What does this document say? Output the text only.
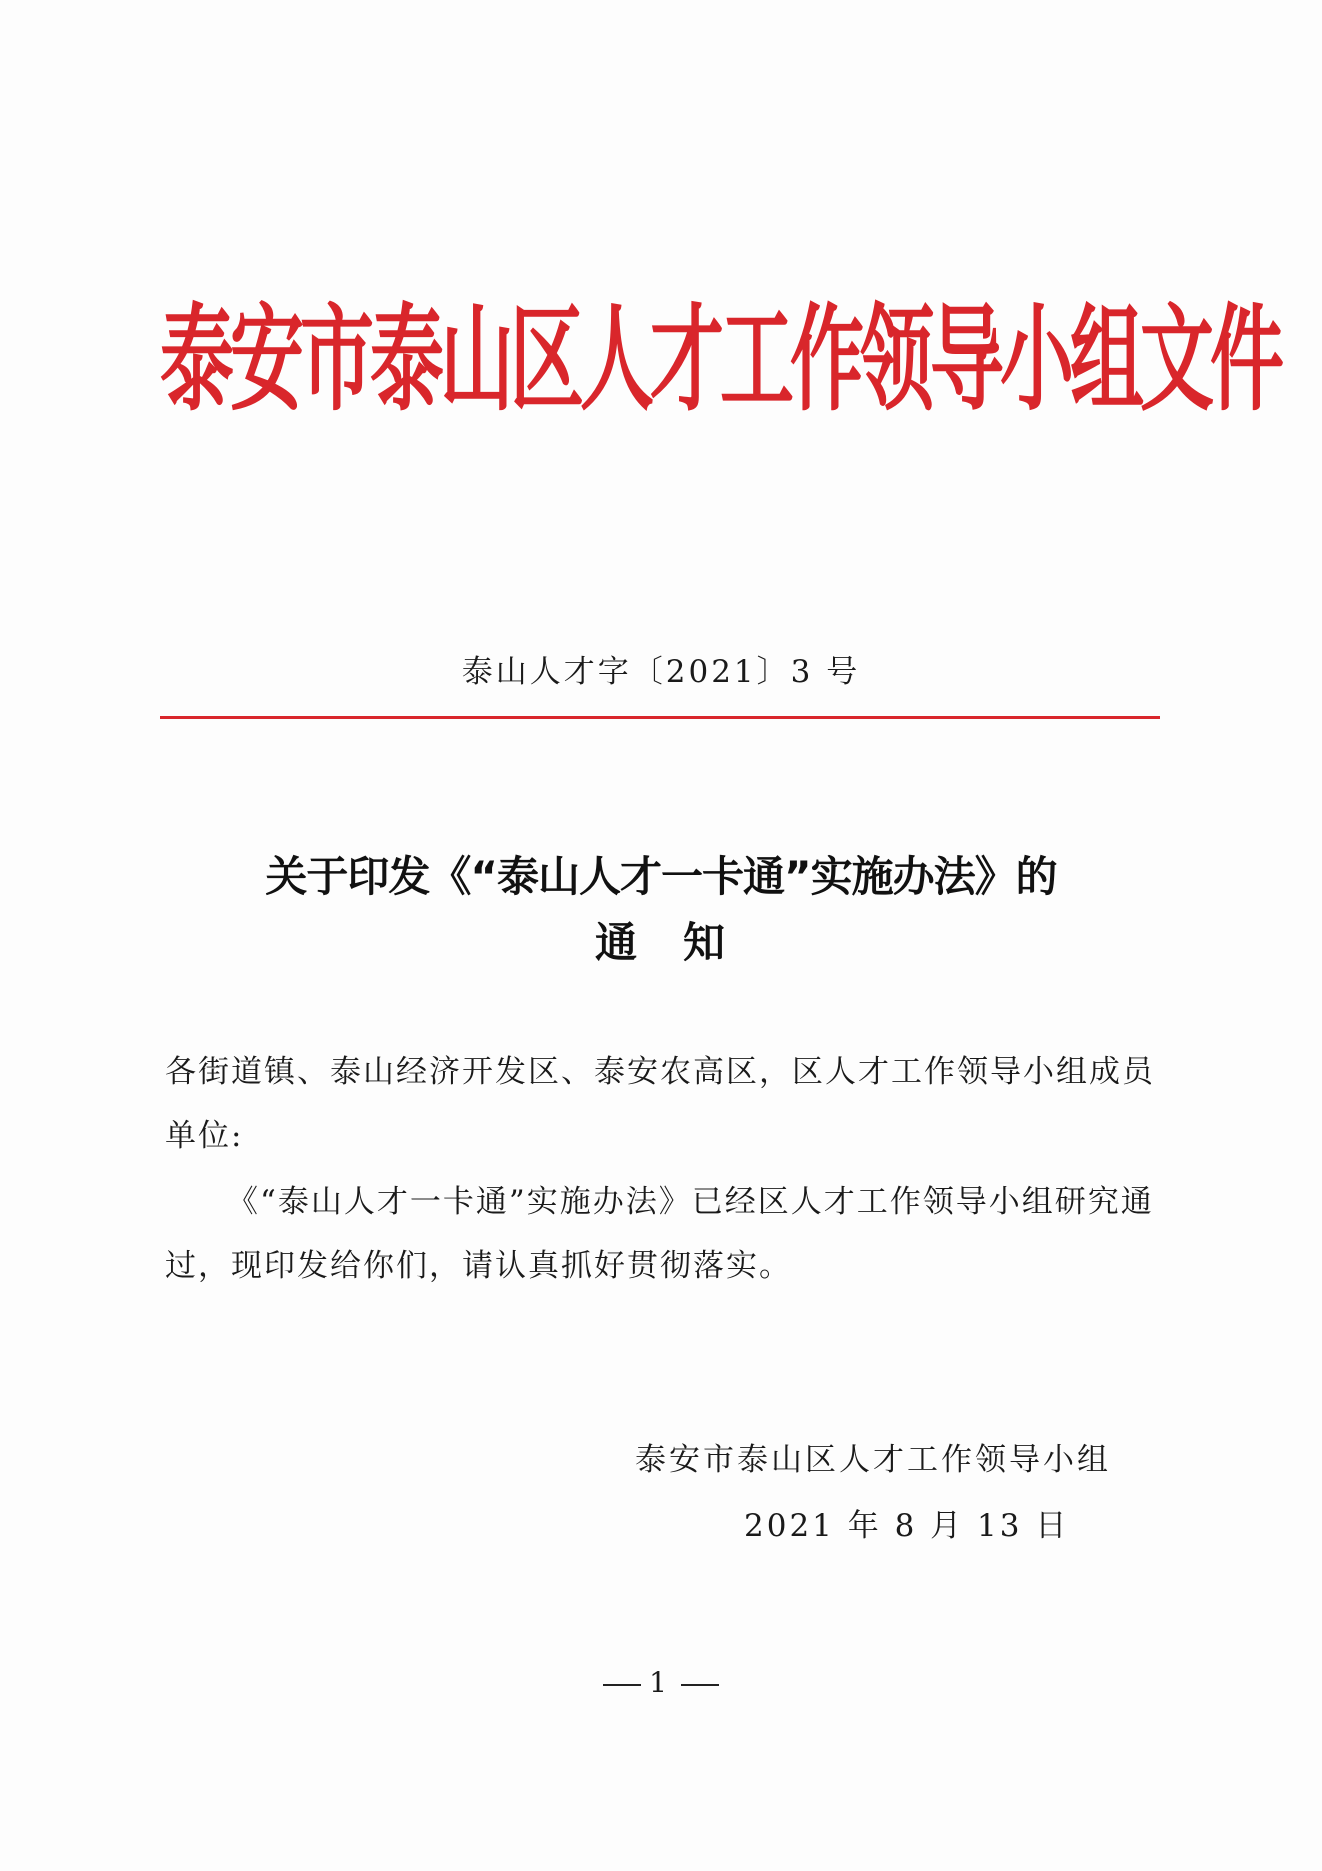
泰安市泰山区人才工作领导小组文件
泰山人才字〔2021〕3 号
关于印发《“泰山人才一卡通”实施办法》的
通　知
各街道镇、泰山经济开发区、泰安农高区，区人才工作领导小组成员单位:
《“泰山人才一卡通”实施办法》已经区人才工作领导小组研究通过，现印发给你们，请认真抓好贯彻落实。
泰安市泰山区人才工作领导小组
2021 年 8 月 13 日
1
